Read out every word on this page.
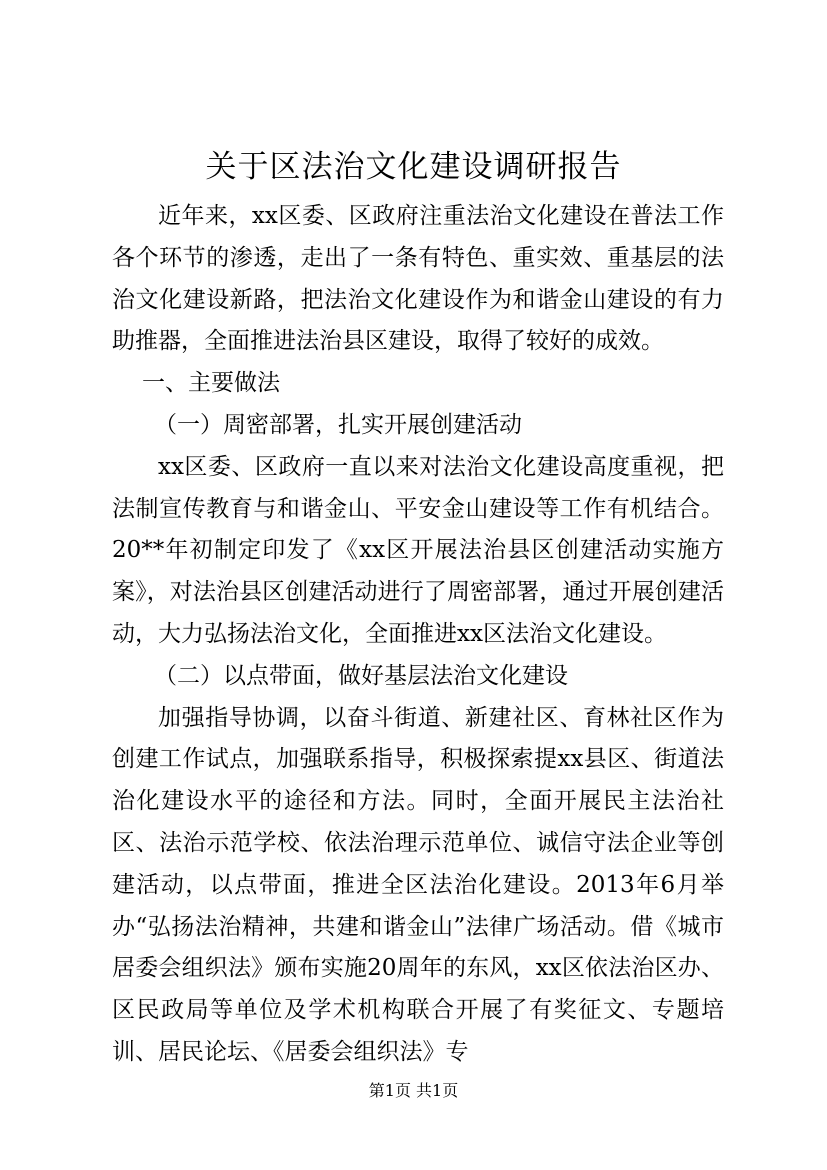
关于区法治文化建设调研报告

近年来，xx区委、区政府注重法治文化建设在普法工作各个环节的渗透，走出了一条有特色、重实效、重基层的法治文化建设新路，把法治文化建设作为和谐金山建设的有力助推器，全面推进法治县区建设，取得了较好的成效。

一、主要做法

（一）周密部署，扎实开展创建活动

xx区委、区政府一直以来对法治文化建设高度重视，把法制宣传教育与和谐金山、平安金山建设等工作有机结合。20**年初制定印发了《xx区开展法治县区创建活动实施方案》，对法治县区创建活动进行了周密部署，通过开展创建活动，大力弘扬法治文化，全面推进xx区法治文化建设。

（二）以点带面，做好基层法治文化建设

加强指导协调，以奋斗街道、新建社区、育林社区作为创建工作试点，加强联系指导，积极探索提xx县区、街道法治化建设水平的途径和方法。同时，全面开展民主法治社区、法治示范学校、依法治理示范单位、诚信守法企业等创建活动，以点带面，推进全区法治化建设。2013年6月举办“弘扬法治精神，共建和谐金山”法律广场活动。借《城市居委会组织法》颁布实施20周年的东风，xx区依法治区办、区民政局等单位及学术机构联合开展了有奖征文、专题培训、居民论坛、《居委会组织法》专

第1页 共1页
